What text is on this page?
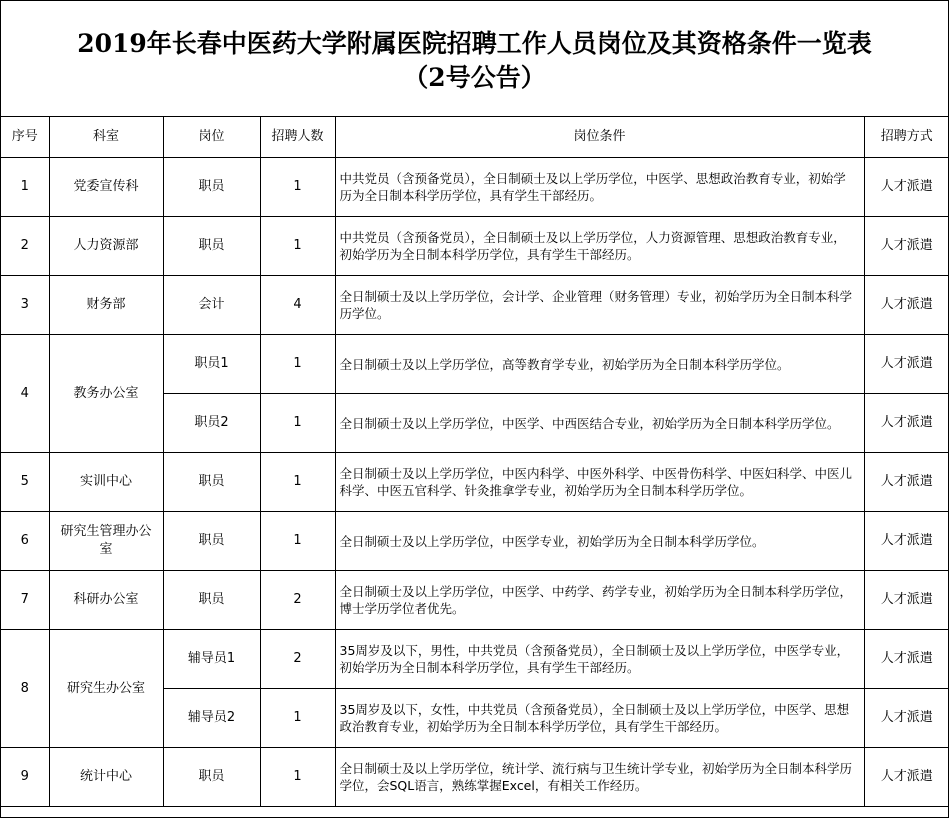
2019年长春中医药大学附属医院招聘工作人员岗位及其资格条件一览表
（2号公告）
序号	科室	岗位	招聘人数	岗位条件	招聘方式
1	党委宣传科	职员	1	中共党员（含预备党员），全日制硕士及以上学历学位，中医学、思想政治教育专业，初始学历为全日制本科学历学位，具有学生干部经历。	人才派遣
2	人力资源部	职员	1	中共党员（含预备党员），全日制硕士及以上学历学位，人力资源管理、思想政治教育专业，初始学历为全日制本科学历学位，具有学生干部经历。	人才派遣
3	财务部	会计	4	全日制硕士及以上学历学位，会计学、企业管理（财务管理）专业，初始学历为全日制本科学历学位。	人才派遣
4	教务办公室	职员1	1	全日制硕士及以上学历学位，高等教育学专业，初始学历为全日制本科学历学位。	人才派遣
		职员2	1	全日制硕士及以上学历学位，中医学、中西医结合专业，初始学历为全日制本科学历学位。	人才派遣
5	实训中心	职员	1	全日制硕士及以上学历学位，中医内科学、中医外科学、中医骨伤科学、中医妇科学、中医儿科学、中医五官科学、针灸推拿学专业，初始学历为全日制本科学历学位。	人才派遣
6	研究生管理办公室	职员	1	全日制硕士及以上学历学位，中医学专业，初始学历为全日制本科学历学位。	人才派遣
7	科研办公室	职员	2	全日制硕士及以上学历学位，中医学、中药学、药学专业，初始学历为全日制本科学历学位，博士学历学位者优先。	人才派遣
8	研究生办公室	辅导员1	2	35周岁及以下，男性，中共党员（含预备党员），全日制硕士及以上学历学位，中医学专业，初始学历为全日制本科学历学位，具有学生干部经历。	人才派遣
		辅导员2	1	35周岁及以下，女性，中共党员（含预备党员），全日制硕士及以上学历学位，中医学、思想政治教育专业，初始学历为全日制本科学历学位，具有学生干部经历。	人才派遣
9	统计中心	职员	1	全日制硕士及以上学历学位，统计学、流行病与卫生统计学专业，初始学历为全日制本科学历学位，会SQL语言，熟练掌握Excel，有相关工作经历。	人才派遣
